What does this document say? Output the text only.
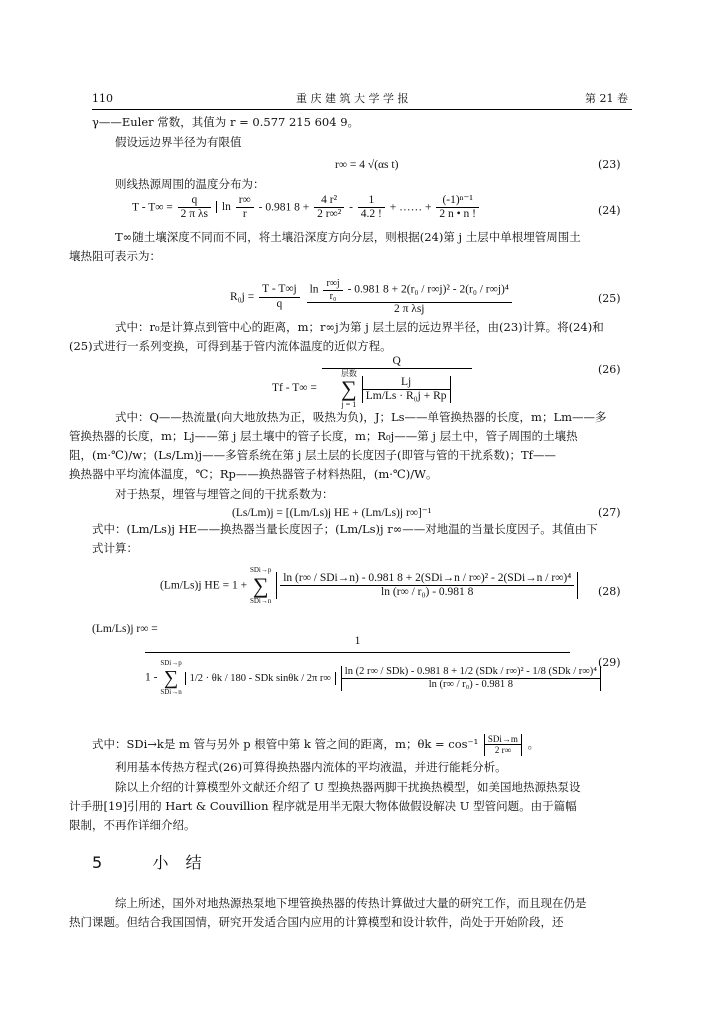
110	重 庆 建 筑 大 学 学 报	第 21 卷
γ——Euler 常数，其值为 r = 0.577 215 604 9。
假设远边界半径为有限值
r∞ = 4 √(αs t)	(23)
则线热源周围的温度分布为：
$T - T\infty = \frac{q}{\text{2 π λs}}$ $\ln \frac{r\infty}{r} - 0.981$ $8 + \frac{\text{4 r²}}{\text{2 r∞²}} - \frac{1}{4.2 !}$ + …… + $\frac{\text{(-1)ⁿ⁻¹}}{2 n • n !}$	(24)
T∞随土壤深度不同而不同，将土壤沿深度方向分层，则根据(24)第 j 土层中单根埋管周围土
壤热阻可表示为：
$R_0j = \frac{T - T\infty j}{q}$
$\frac{\ln \frac{r\infty j}{\text{r₀}} - 0.981 8 + 2(r_0 / r\infty j)^2 - 2(r_0 / r\infty j)^4}{\text{2 π λsj}}$	(25)
式中：r₀是计算点到管中心的距离，m；r∞j为第 j 层土层的远边界半径，由(23)计算。将(24)和
(25)式进行一系列变换，可得到基于管内流体温度的近似方程。
Tf - T∞ = Q
层数
∑
j = 1

$\frac{Lj}{\text{Lm/Ls · R₀j + Rp}}$	(26)
式中：Q——热流量(向大地放热为正，吸热为负)，J；Ls——单管换热器的长度，m；Lm——多
管换热器的长度，m；Lj——第 j 层土壤中的管子长度，m；R₀j——第 j 层土中，管子周围的土壤热
阻，(m·℃)/w；(Ls/Lm)j——多管系统在第 j 层土层的长度因子(即管与管的干扰系数)；Tf——
换热器中平均流体温度，℃；Rp——换热器管子材料热阻，(m·℃)/W。
对于热泵，埋管与埋管之间的干扰系数为：
(Ls/Lm)j = [(Lm/Ls)j HE + (Lm/Ls)j r∞]⁻¹	(27)
式中：(Lm/Ls)j HE——换热器当量长度因子；(Lm/Ls)j r∞——对地温的当量长度因子。其值由下
式计算：
(Lm/Ls)j HE = 1 +
SDi→p
∑
SDi→n

$\frac{\text{ln (r∞ / SDi→n) - 0.981 8 + 2(SDi→n / r∞)² - 2(SDi→n / r∞)⁴}}{\text{ln (r∞ / r₀) - 0.981 8}} (28)$
(Lm/Ls)j r∞ =
1
1 -
SDi→p
∑
SDi→n
1/2 · θk / 180 - SDk sinθk / 2π r∞
ln (2 r∞ / SDk) - 0.981 8 + 1/2 (SDk / r∞)² - 1/8 (SDk / r∞)⁴
ln (r∞ / r₀) - 0.981 8
(29)
式中：SDi→k是 m 管与另外 p 根管中第 k 管之间的距离，m；$\theta k = \cos^{-1} \frac{\text{SDi→m}}{2 r\infty}$ 。
利用基本传热方程式(26)可算得换热器内流体的平均液温，并进行能耗分析。
除以上介绍的计算模型外文献还介绍了 U 型换热器两脚干扰换热模型，如美国地热源热泵设
计手册[19]引用的 Hart & Couvillion 程序就是用半无限大物体做假设解决 U 型管问题。由于篇幅
限制，不再作详细介绍。
5	小 结
综上所述，国外对地热源热泵地下埋管换热器的传热计算做过大量的研究工作，而且现在仍是
热门课题。但结合我国国情，研究开发适合国内应用的计算模型和设计软件，尚处于开始阶段，还
